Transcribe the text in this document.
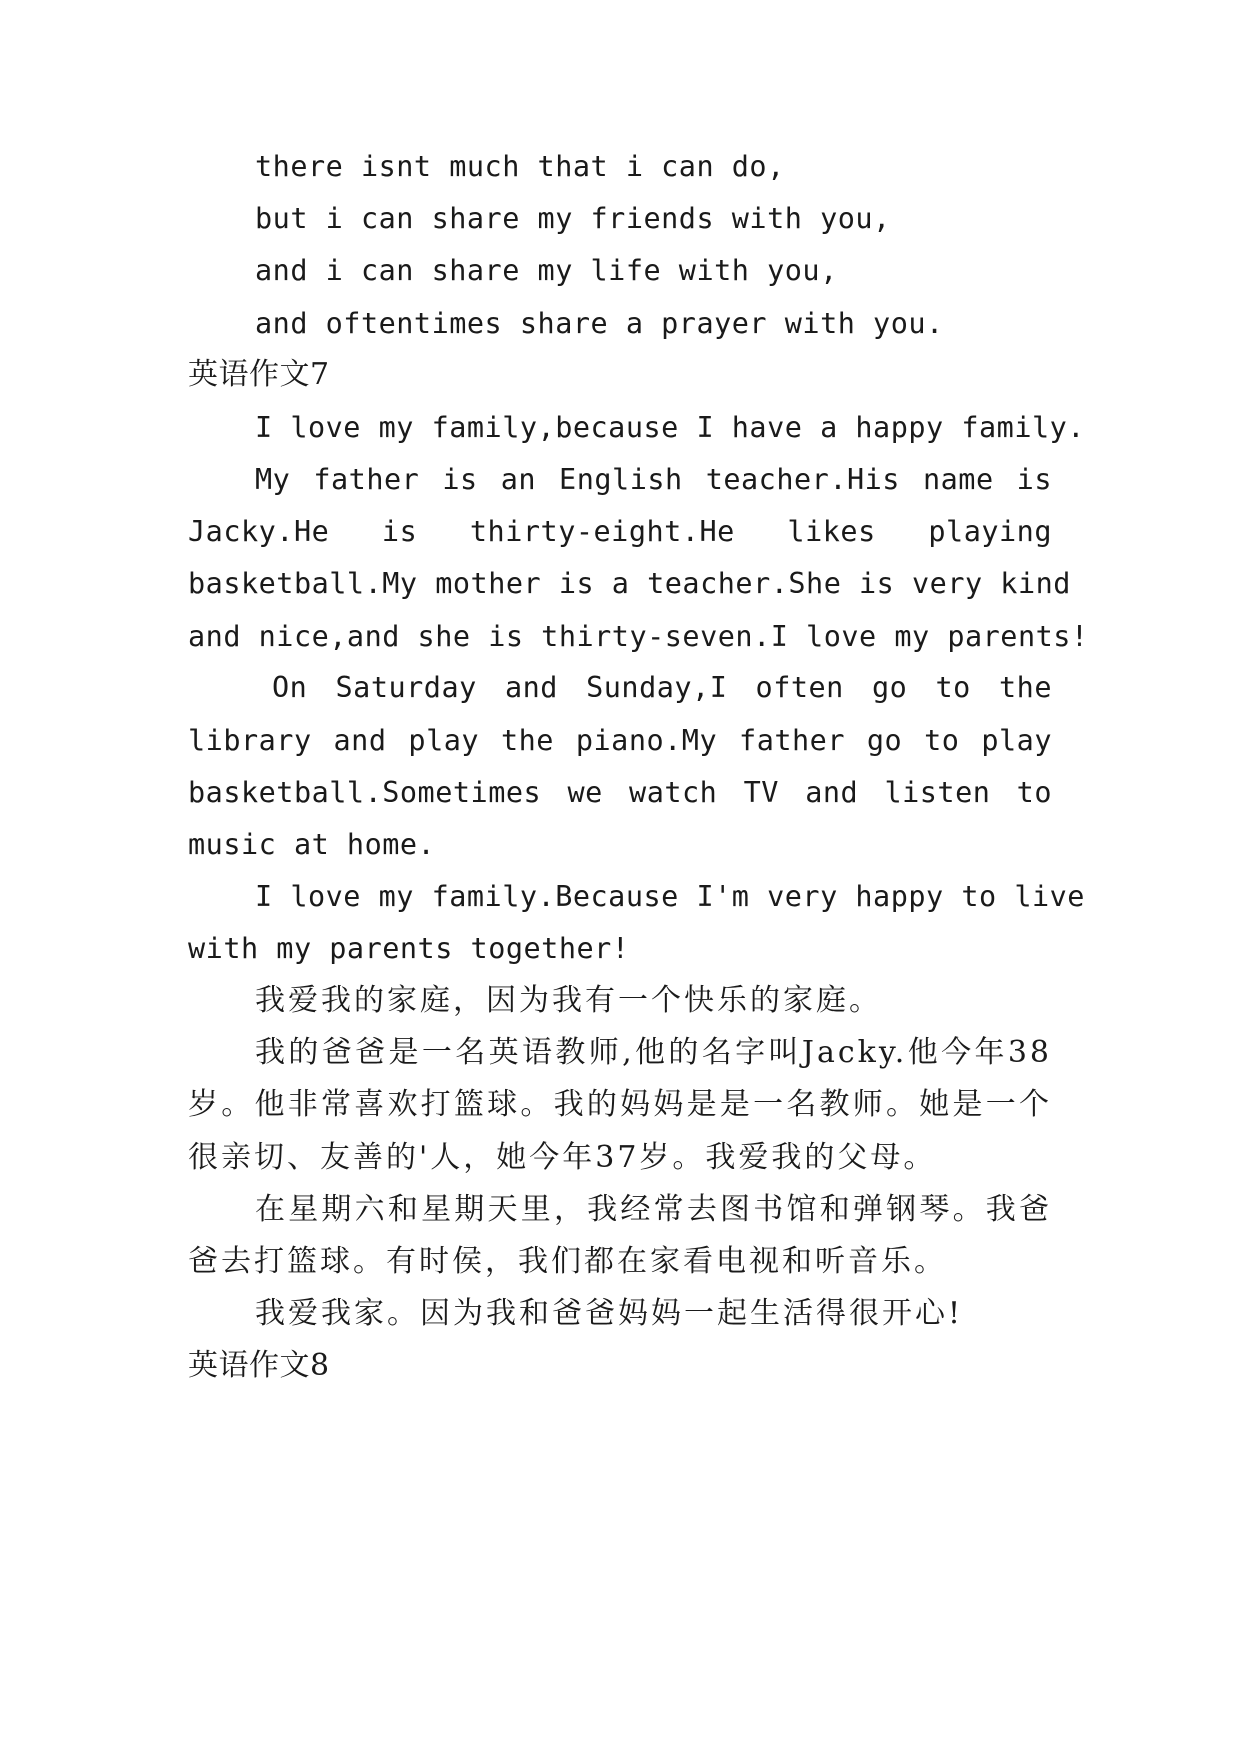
there isnt much that i can do,
but i can share my friends with you,
and i can share my life with you,
and oftentimes share a prayer with you.
英语作文7
I love my family,because I have a happy family.
My father is an English teacher.His name is
Jacky.He is thirty-eight.He likes playing
basketball.My mother is a teacher.She is very kind
and nice,and she is thirty-seven.I love my parents!
On Saturday and Sunday,I often go to the
library and play the piano.My father go to play
basketball.Sometimes we watch TV and listen to
music at home.
I love my family.Because I'm very happy to live
with my parents together!
我爱我的家庭，因为我有一个快乐的家庭。
我的爸爸是一名英语教师,他的名字叫Jacky.他今年38
岁。他非常喜欢打篮球。我的妈妈是是一名教师。她是一个
很亲切、友善的'人，她今年37岁。我爱我的父母。
在星期六和星期天里，我经常去图书馆和弹钢琴。我爸
爸去打篮球。有时侯，我们都在家看电视和听音乐。
我爱我家。因为我和爸爸妈妈一起生活得很开心!
英语作文8
